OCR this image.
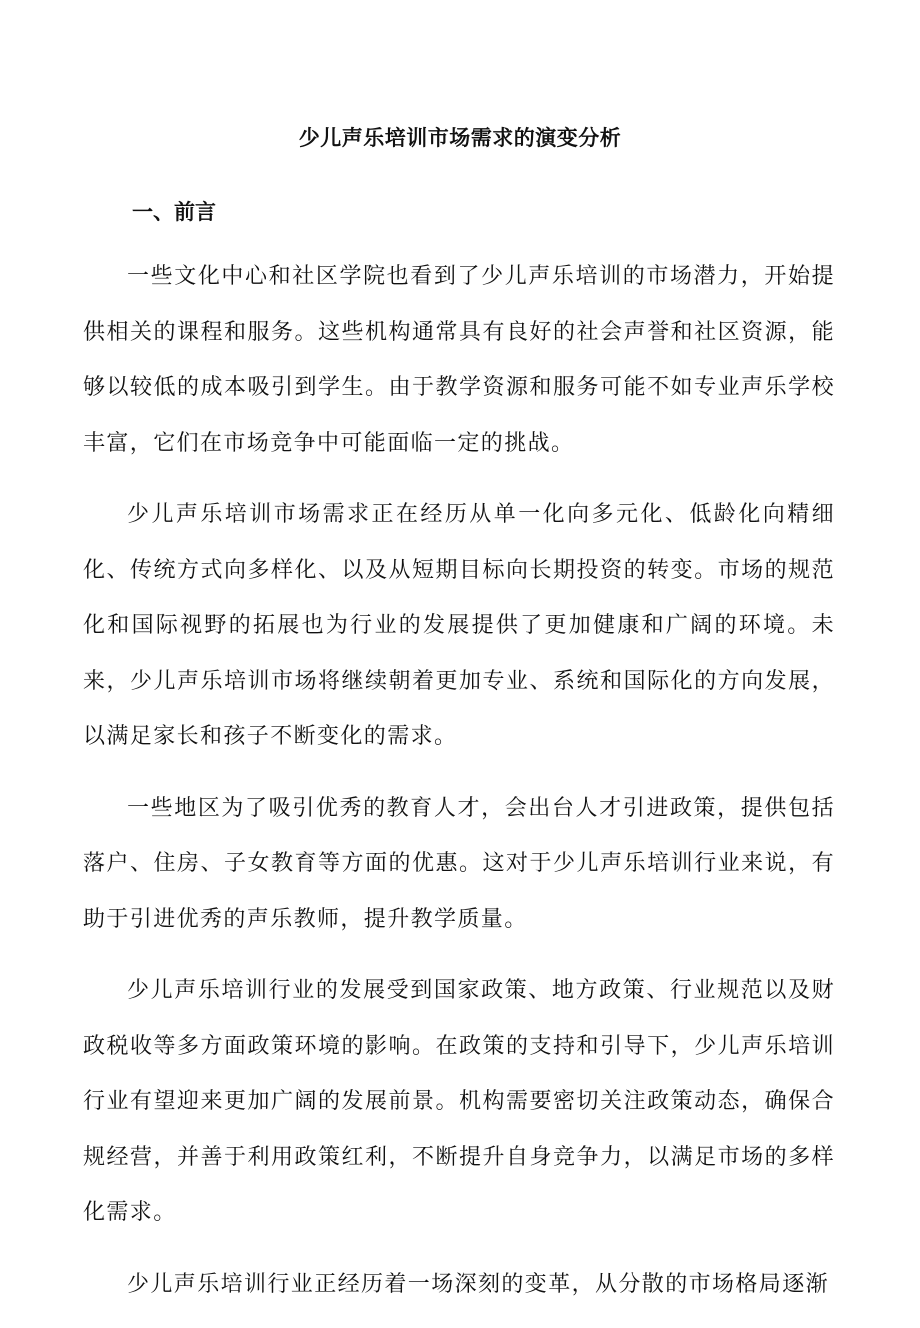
少儿声乐培训市场需求的演变分析
一、前言

一些文化中心和社区学院也看到了少儿声乐培训的市场潜力，开始提供相关的课程和服务。这些机构通常具有良好的社会声誉和社区资源，能够以较低的成本吸引到学生。由于教学资源和服务可能不如专业声乐学校丰富，它们在市场竞争中可能面临一定的挑战。

少儿声乐培训市场需求正在经历从单一化向多元化、低龄化向精细化、传统方式向多样化、以及从短期目标向长期投资的转变。市场的规范化和国际视野的拓展也为行业的发展提供了更加健康和广阔的环境。未来，少儿声乐培训市场将继续朝着更加专业、系统和国际化的方向发展，以满足家长和孩子不断变化的需求。

一些地区为了吸引优秀的教育人才，会出台人才引进政策，提供包括落户、住房、子女教育等方面的优惠。这对于少儿声乐培训行业来说，有助于引进优秀的声乐教师，提升教学质量。

少儿声乐培训行业的发展受到国家政策、地方政策、行业规范以及财政税收等多方面政策环境的影响。在政策的支持和引导下，少儿声乐培训行业有望迎来更加广阔的发展前景。机构需要密切关注政策动态，确保合规经营，并善于利用政策红利，不断提升自身竞争力，以满足市场的多样化需求。

少儿声乐培训行业正经历着一场深刻的变革，从分散的市场格局逐渐
